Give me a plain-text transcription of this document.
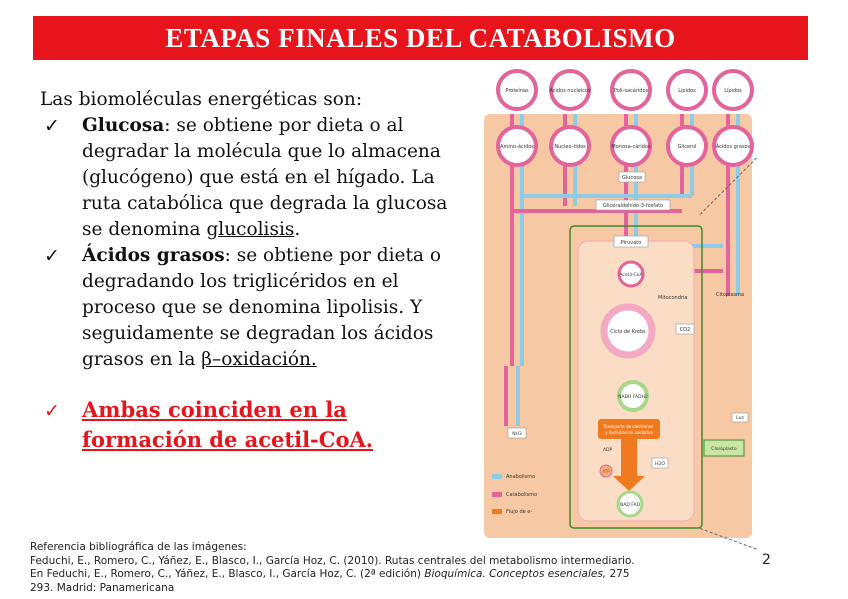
ETAPAS FINALES DEL CATABOLISMO
Las biomoléculas energéticas son:
✓ Glucosa: se obtiene por dieta o al degradar la molécula que lo almacena (glucógeno) que está en el hígado. La ruta catabólica que degrada la glucosa se denomina glucolisis.
✓ Ácidos grasos: se obtiene por dieta o degradando los triglicéridos en el proceso que se denomina lipolisis. Y seguidamente se degradan los ácidos grasos en la β–oxidación.
✓ Ambas coinciden en la formación de acetil-CoA.
Proteínas	Ácidos nucleicos	Poli-sacáridos	Lípidos	Lípidos
Amino-ácidos	Nucleó-tidos	Monosa-cáridos	Glicerol	Ácidos grasos
Glucosa
Gliceraldehído-3-fosfato
Piruvato
Acetil-CoA
Mitocondria	Citoplasma
Ciclo de Krebs	CO2
NADH FADH2
Transporte de electrones y fosforilación oxidativa
ADP
ATP
H2O
NAD FAD
NH3
Cloroplasto
Luz
Anabolismo
Catabolismo
Flujo de e-
Referencia bibliográfica de las imágenes:
Feduchi, E., Romero, C., Yáñez, E., Blasco, I., García Hoz, C. (2010). Rutas centrales del metabolismo intermediario.
En Feduchi, E., Romero, C., Yáñez, E., Blasco, I., García Hoz, C. (2ª edición) Bioquímica. Conceptos esenciales, 275
293. Madrid: Panamericana
2
